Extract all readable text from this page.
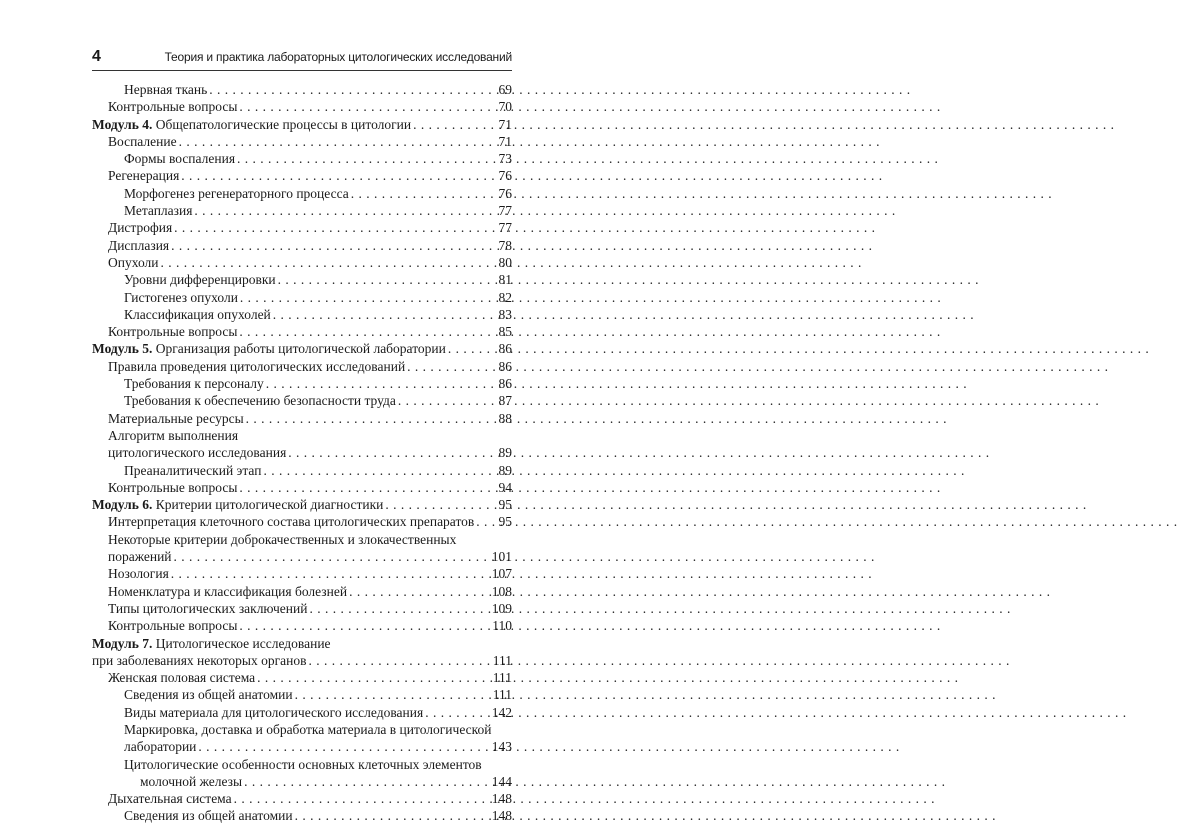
4	Теория и практика лабораторных цитологических исследований
Нервная ткань . . .	69
Контрольные вопросы . . .	70
Модуль 4. Общепатологические процессы в цитологии . . .	71
Воспаление . . .	71
Формы воспаления . . .	73
Регенерация . . .	76
Морфогенез регенераторного процесса . . .	76
Метаплазия . . .	77
Дистрофия . . .	77
Дисплазия . . .	78
Опухоли . . .	80
Уровни дифференцировки . . .	81
Гистогенез опухоли . . .	82
Классификация опухолей . . .	83
Контрольные вопросы . . .	85
Модуль 5. Организация работы цитологической лаборатории . . .	86
Правила проведения цитологических исследований . . .	86
Требования к персоналу . . .	86
Требования к обеспечению безопасности труда . . .	87
Материальные ресурсы . . .	88
Алгоритм выполнения
цитологического исследования . . .	89
Преаналитический этап . . .	89
Контрольные вопросы . . .	94
Модуль 6. Критерии цитологической диагностики . . .	95
Интерпретация клеточного состава цитологических препаратов . . . 95
Некоторые критерии доброкачественных и злокачественных
поражений . . .	101
Нозология . . .	107
Номенклатура и классификация болезней . . .	108
Типы цитологических заключений . . .	109
Контрольные вопросы . . .	110
Модуль 7. Цитологическое исследование
при заболеваниях некоторых органов . . .	111
Женская половая система . . .	111
Сведения из общей анатомии . . .	111
Виды материала для цитологического исследования . . .	142
Маркировка, доставка и обработка материала в цитологической
лаборатории . . .	143
Цитологические особенности основных клеточных элементов
молочной железы . . .	144
Дыхательная система . . .	148
Сведения из общей анатомии . . .	148
